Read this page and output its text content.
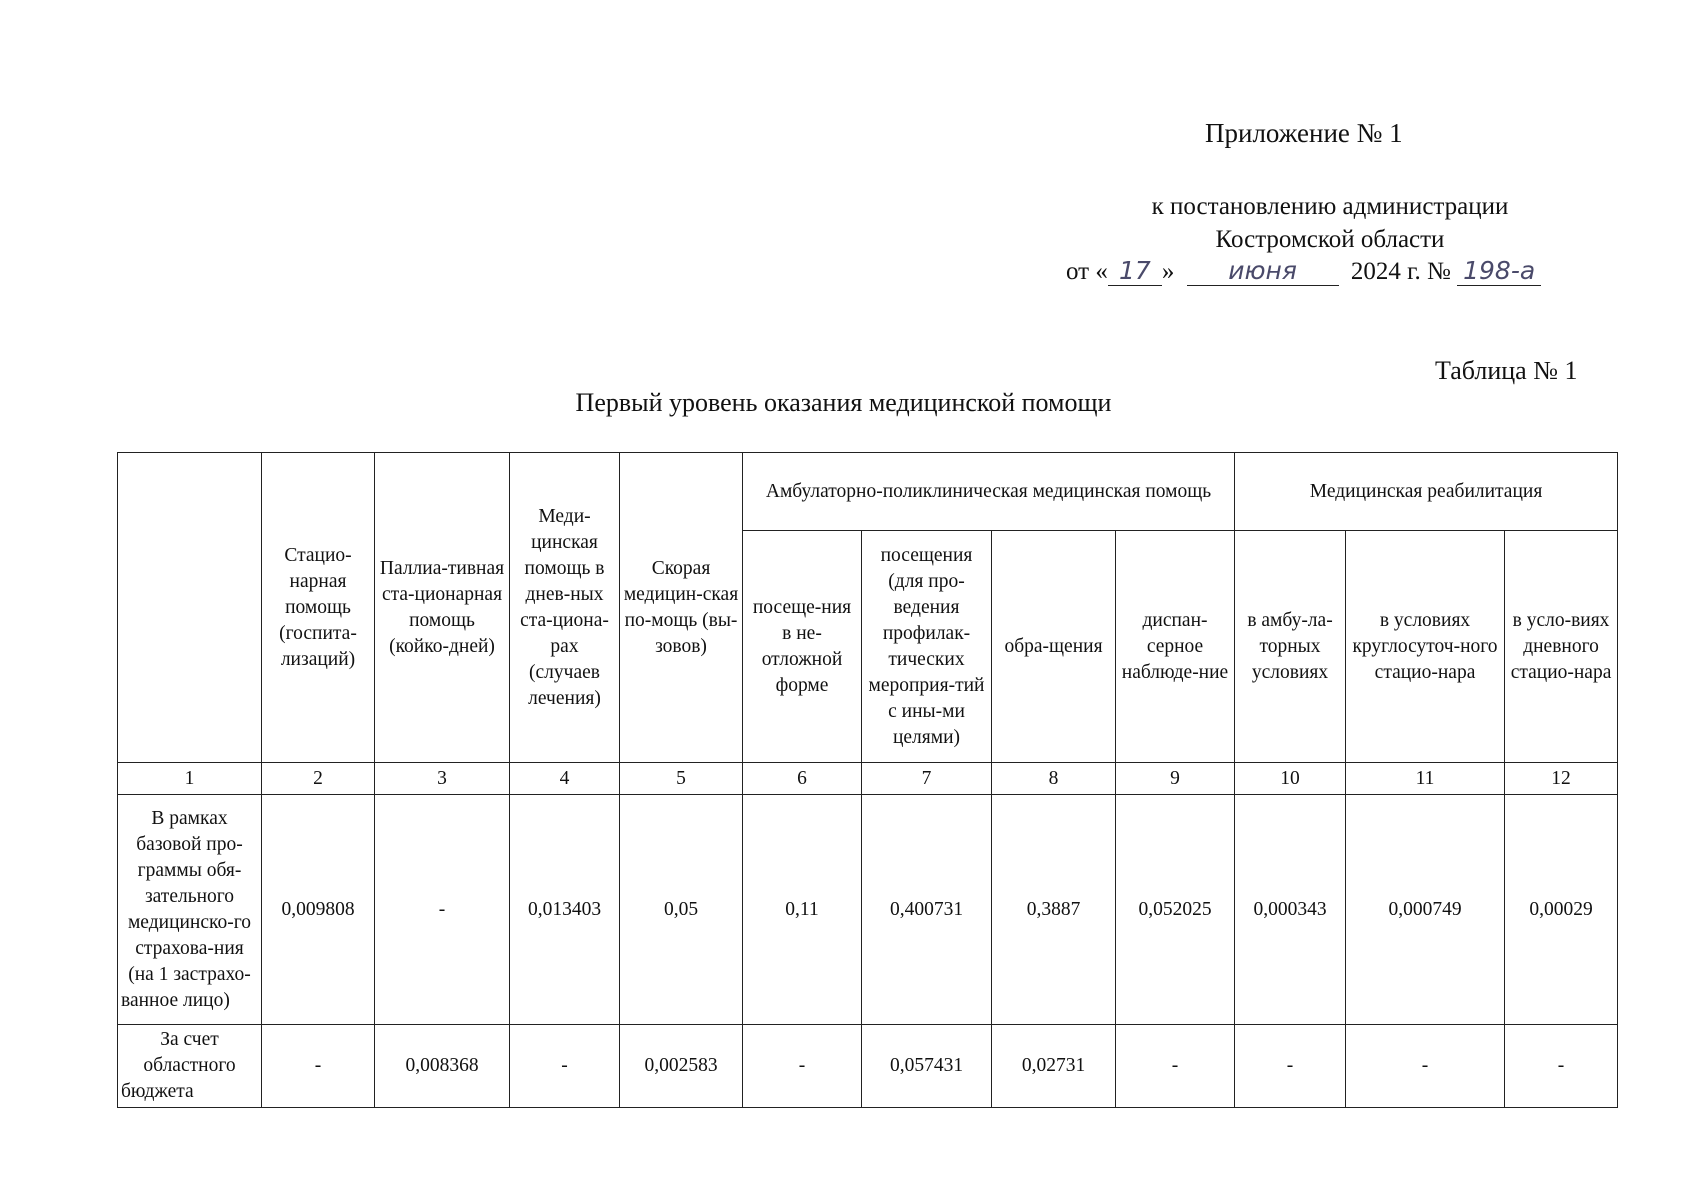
Приложение № 1
к постановлению администрации
Костромской области
от « 17 » июня 2024 г. № 198-а
Таблица № 1
Первый уровень оказания медицинской помощи
	Стацио-нарная помощь (госпита-лизаций)	Паллиа-тивная ста-ционарная помощь (койко-дней)	Меди-цинская помощь в днев-ных ста-циона-рах (случаев лечения)	Скорая медицин-ская по-мощь (вы-зовов)	Амбулаторно-поликлиническая медицинская помощь				Медицинская реабилитация		
					посеще-ния в не-отложной форме	посещения (для про-ведения профилак-тических мероприя-тий с ины-ми целями)	обра-щения	диспан-серное наблюде-ние	в амбу-ла-торных условиях	в условиях круглосуточ-ного стацио-нара	в усло-виях дневного стацио-нара
1	2	3	4	5	6	7	8	9	10	11	12
В рамках базовой про-граммы обя-зательного медицинско-го страхова-ния (на 1 застрахо-ванное лицо)	0,009808	-	0,013403	0,05	0,11	0,400731	0,3887	0,052025	0,000343	0,000749	0,00029
За счет областного бюджета	-	0,008368	-	0,002583	-	0,057431	0,02731	-	-	-	-
